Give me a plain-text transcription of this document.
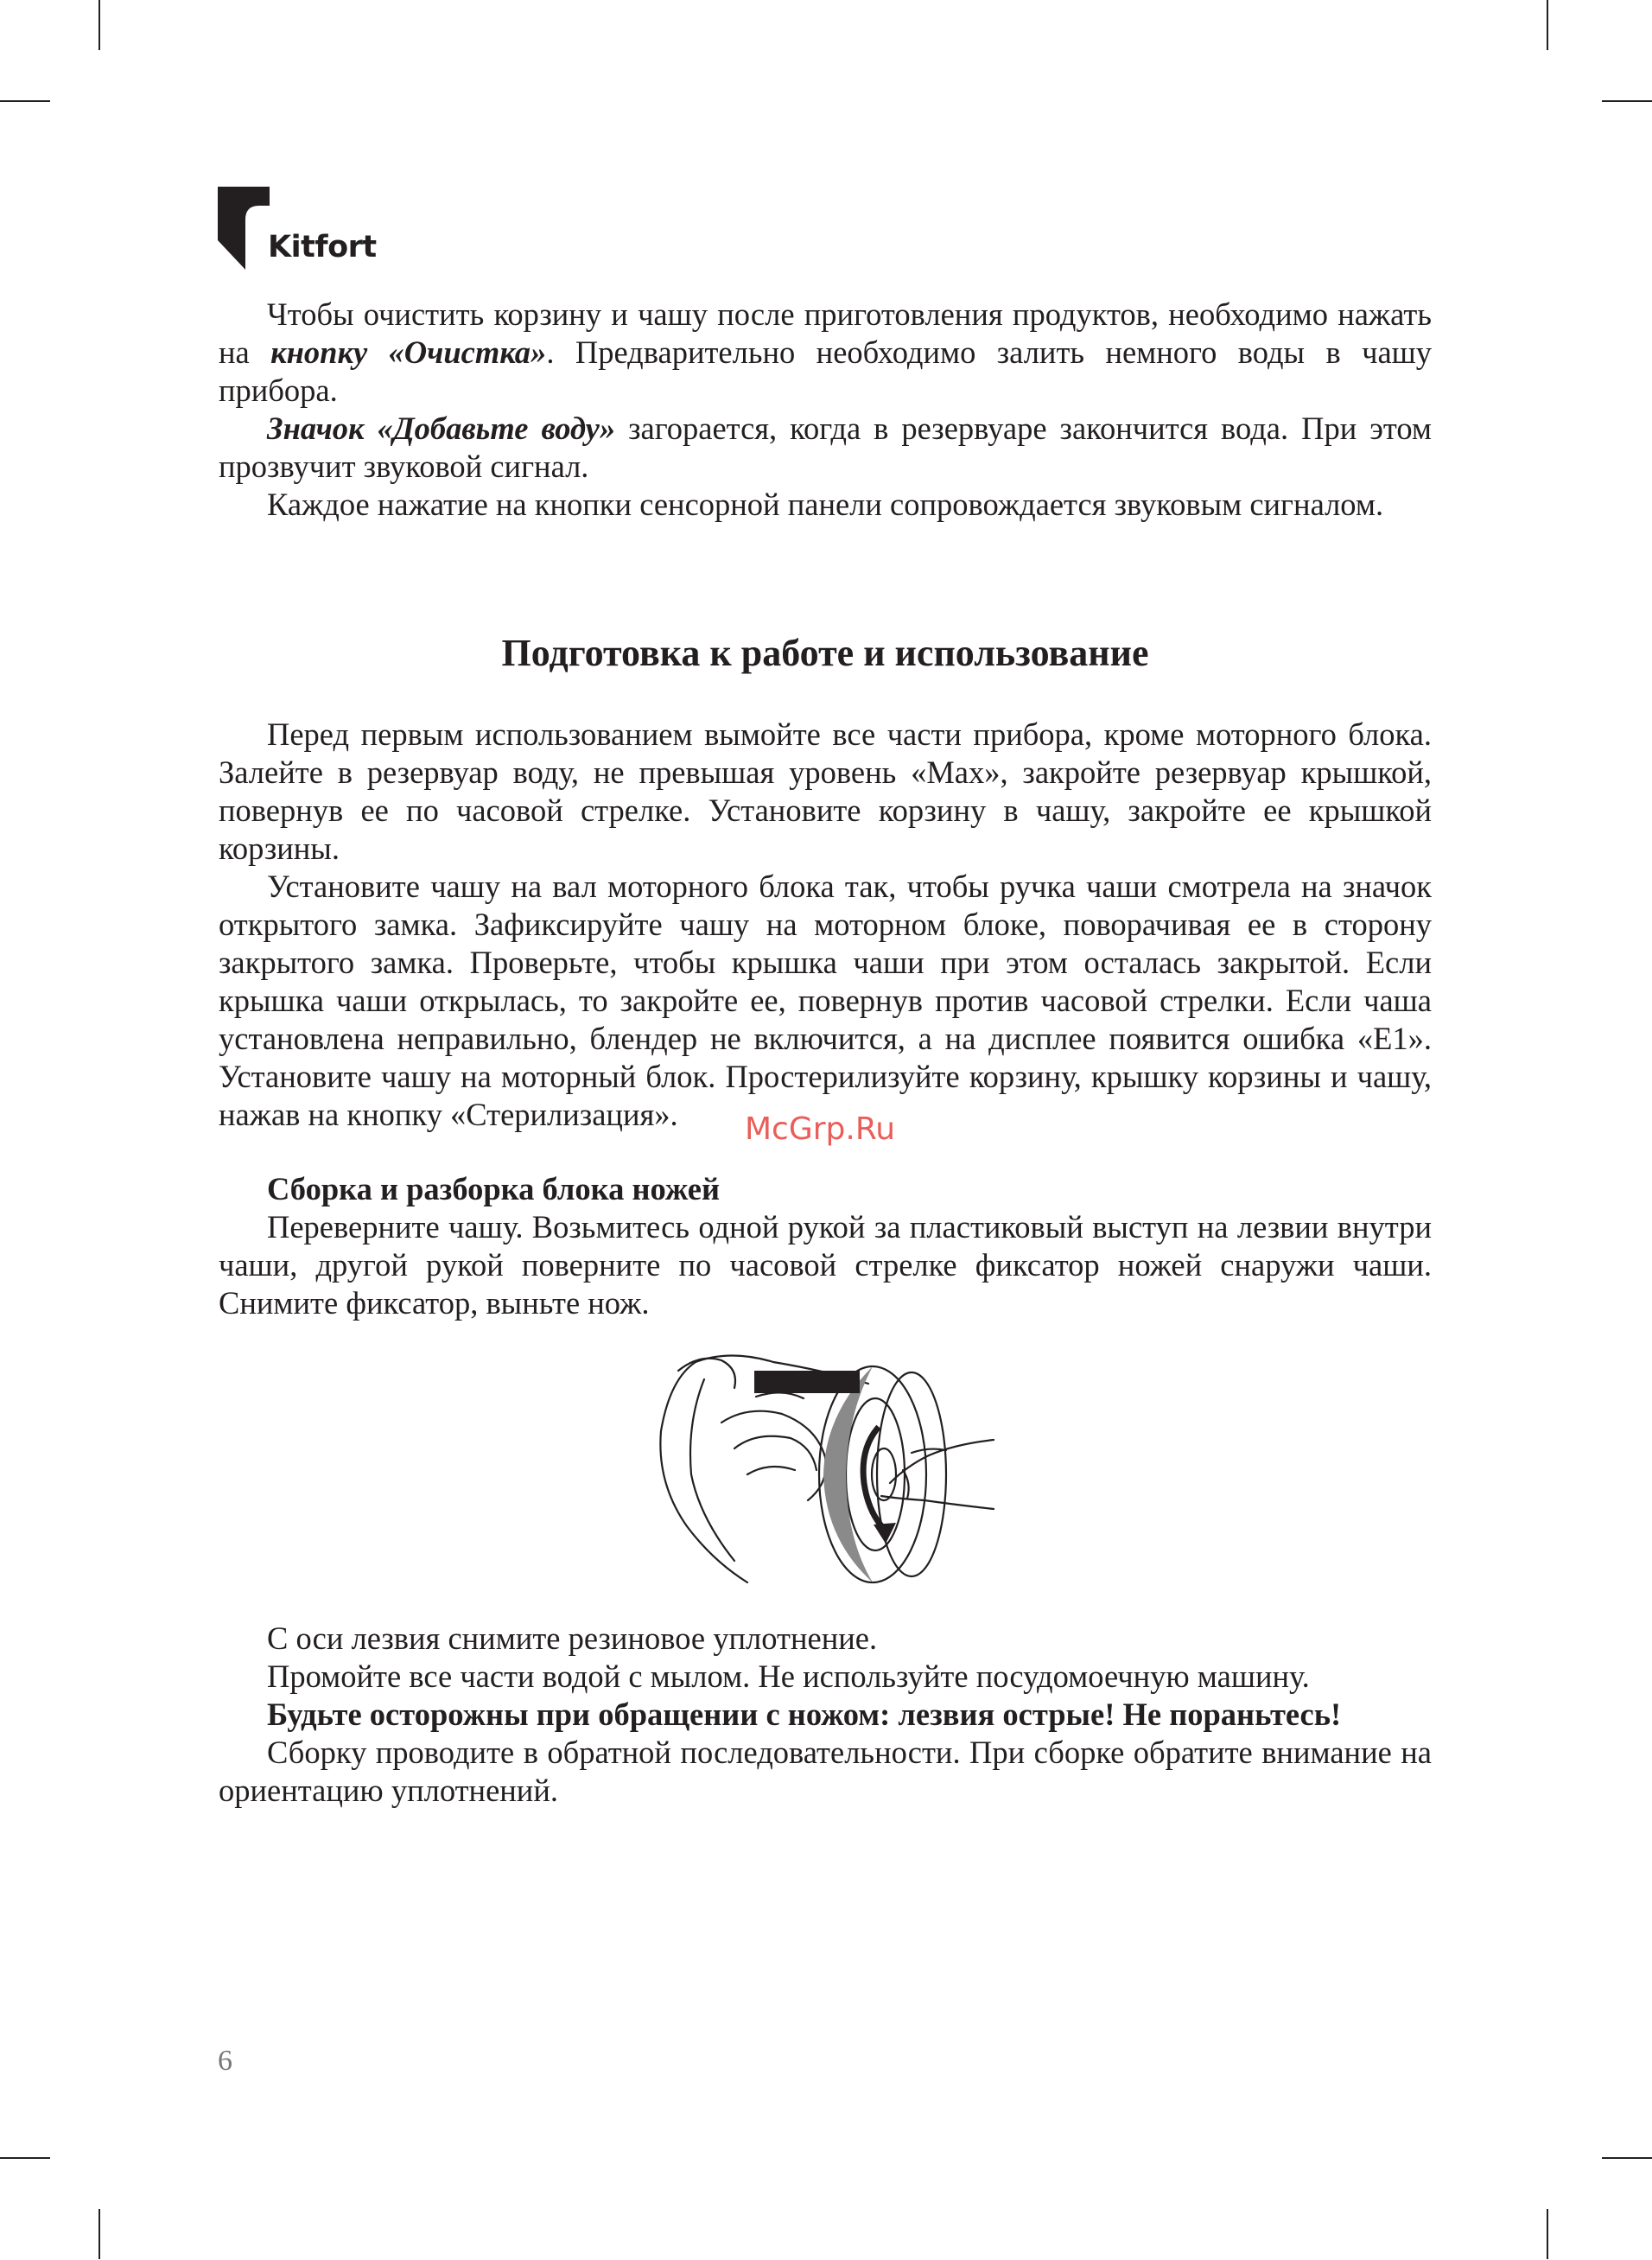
Kitfort

Чтобы очистить корзину и чашу после приготовления продуктов, необходимо нажать на кнопку «Очистка». Предварительно необходимо залить немного воды в чашу прибора.

Значок «Добавьте воду» загорается, когда в резервуаре закончится вода. При этом прозвучит звуковой сигнал.

Каждое нажатие на кнопки сенсорной панели сопровождается звуковым сигналом.

Подготовка к работе и использование

Перед первым использованием вымойте все части прибора, кроме моторного блока. Залейте в резервуар воду, не превышая уровень «Max», закройте резервуар крышкой, повернув ее по часовой стрелке. Установите корзину в чашу, закройте ее крышкой корзины.

Установите чашу на вал моторного блока так, чтобы ручка чаши смотрела на значок открытого замка. Зафиксируйте чашу на моторном блоке, поворачивая ее в сторону закрытого замка. Проверьте, чтобы крышка чаши при этом осталась закрытой. Если крышка чаши открылась, то закройте ее, повернув против часовой стрелки. Если чаша установлена неправильно, блендер не включится, а на дисплее появится ошибка «E1». Установите чашу на моторный блок. Простерилизуйте корзину, крышку корзины и чашу, нажав на кнопку «Стерилизация».	McGrp.Ru

Сборка и разборка блока ножей

Переверните чашу. Возьмитесь одной рукой за пластиковый выступ на лезвии внутри чаши, другой рукой поверните по часовой стрелке фиксатор ножей снаружи чаши. Снимите фиксатор, выньте нож.

С оси лезвия снимите резиновое уплотнение.

Промойте все части водой с мылом. Не используйте посудомоечную машину.

Будьте осторожны при обращении с ножом: лезвия острые! Не пораньтесь!

Сборку проводите в обратной последовательности. При сборке обратите внимание на ориентацию уплотнений.

6
